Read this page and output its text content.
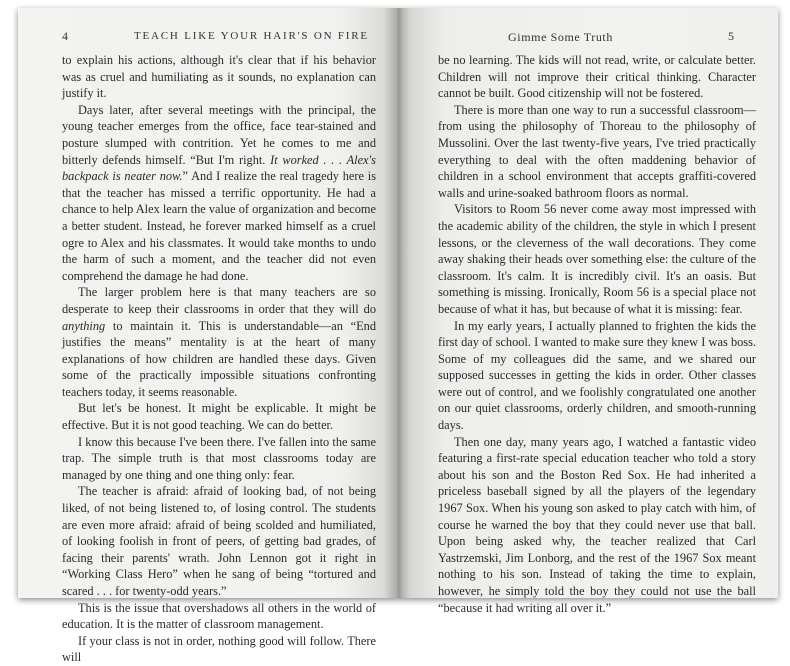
4	TEACH LIKE YOUR HAIR'S ON FIRE

to explain his actions, although it's clear that if his behavior was as cruel and humiliating as it sounds, no explanation can justify it.

Days later, after several meetings with the principal, the young teacher emerges from the office, face tear-stained and posture slumped with contrition. Yet he comes to me and bitterly defends himself. “But I'm right. It worked . . . Alex's backpack is neater now.” And I realize the real tragedy here is that the teacher has missed a terrific opportunity. He had a chance to help Alex learn the value of organization and become a better student. Instead, he forever marked himself as a cruel ogre to Alex and his classmates. It would take months to undo the harm of such a moment, and the teacher did not even comprehend the damage he had done.

The larger problem here is that many teachers are so desperate to keep their classrooms in order that they will do anything to maintain it. This is understandable—an “End justifies the means” mentality is at the heart of many explanations of how children are handled these days. Given some of the practically impossible situations confronting teachers today, it seems reasonable.

But let's be honest. It might be explicable. It might be effective. But it is not good teaching. We can do better.

I know this because I've been there. I've fallen into the same trap. The simple truth is that most classrooms today are managed by one thing and one thing only: fear.

The teacher is afraid: afraid of looking bad, of not being liked, of not being listened to, of losing control. The students are even more afraid: afraid of being scolded and humiliated, of looking foolish in front of peers, of getting bad grades, of facing their parents' wrath. John Lennon got it right in “Working Class Hero” when he sang of being “tortured and scared . . . for twenty-odd years.”

This is the issue that overshadows all others in the world of education. It is the matter of classroom management.

If your class is not in order, nothing good will follow. There will

Gimme Some Truth	5

be no learning. The kids will not read, write, or calculate better. Children will not improve their critical thinking. Character cannot be built. Good citizenship will not be fostered.

There is more than one way to run a successful classroom—from using the philosophy of Thoreau to the philosophy of Mussolini. Over the last twenty-five years, I've tried practically everything to deal with the often maddening behavior of children in a school environment that accepts graffiti-covered walls and urine-soaked bathroom floors as normal.

Visitors to Room 56 never come away most impressed with the academic ability of the children, the style in which I present lessons, or the cleverness of the wall decorations. They come away shaking their heads over something else: the culture of the classroom. It's calm. It is incredibly civil. It's an oasis. But something is missing. Ironically, Room 56 is a special place not because of what it has, but because of what it is missing: fear.

In my early years, I actually planned to frighten the kids the first day of school. I wanted to make sure they knew I was boss. Some of my colleagues did the same, and we shared our supposed successes in getting the kids in order. Other classes were out of control, and we foolishly congratulated one another on our quiet classrooms, orderly children, and smooth-running days.

Then one day, many years ago, I watched a fantastic video featuring a first-rate special education teacher who told a story about his son and the Boston Red Sox. He had inherited a priceless baseball signed by all the players of the legendary 1967 Sox. When his young son asked to play catch with him, of course he warned the boy that they could never use that ball. Upon being asked why, the teacher realized that Carl Yastrzemski, Jim Lonborg, and the rest of the 1967 Sox meant nothing to his son. Instead of taking the time to explain, however, he simply told the boy they could not use the ball “because it had writing all over it.”
